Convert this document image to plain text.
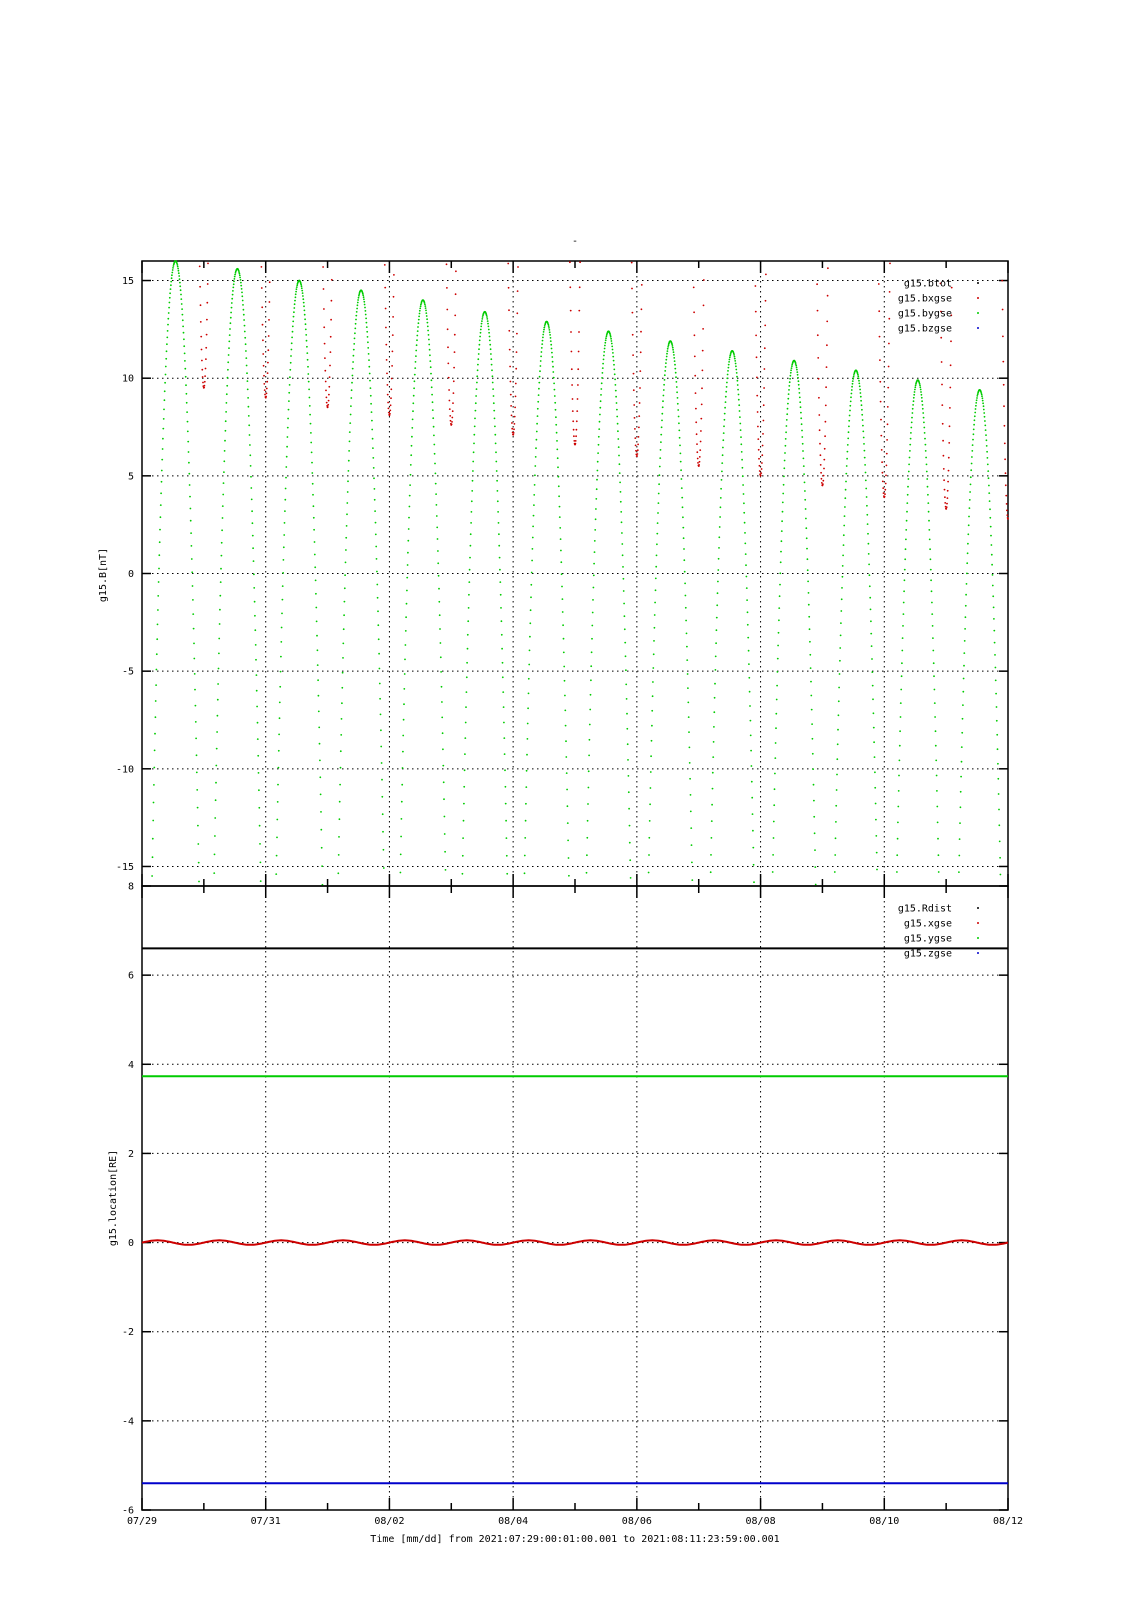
-
15
10
5
0
-5
-10
-15
g15.B[nT]
g15.btot
g15.bxgse
g15.bygse
g15.bzgse
8
6
4
2
0
-2
-4
-6
g15.location[RE]
g15.Rdist
g15.xgse
g15.ygse
g15.zgse
07/29	07/31	08/02	08/04	08/06	08/08	08/10	08/12
Time [mm/dd] from 2021:07:29:00:01:00.001 to 2021:08:11:23:59:00.001
